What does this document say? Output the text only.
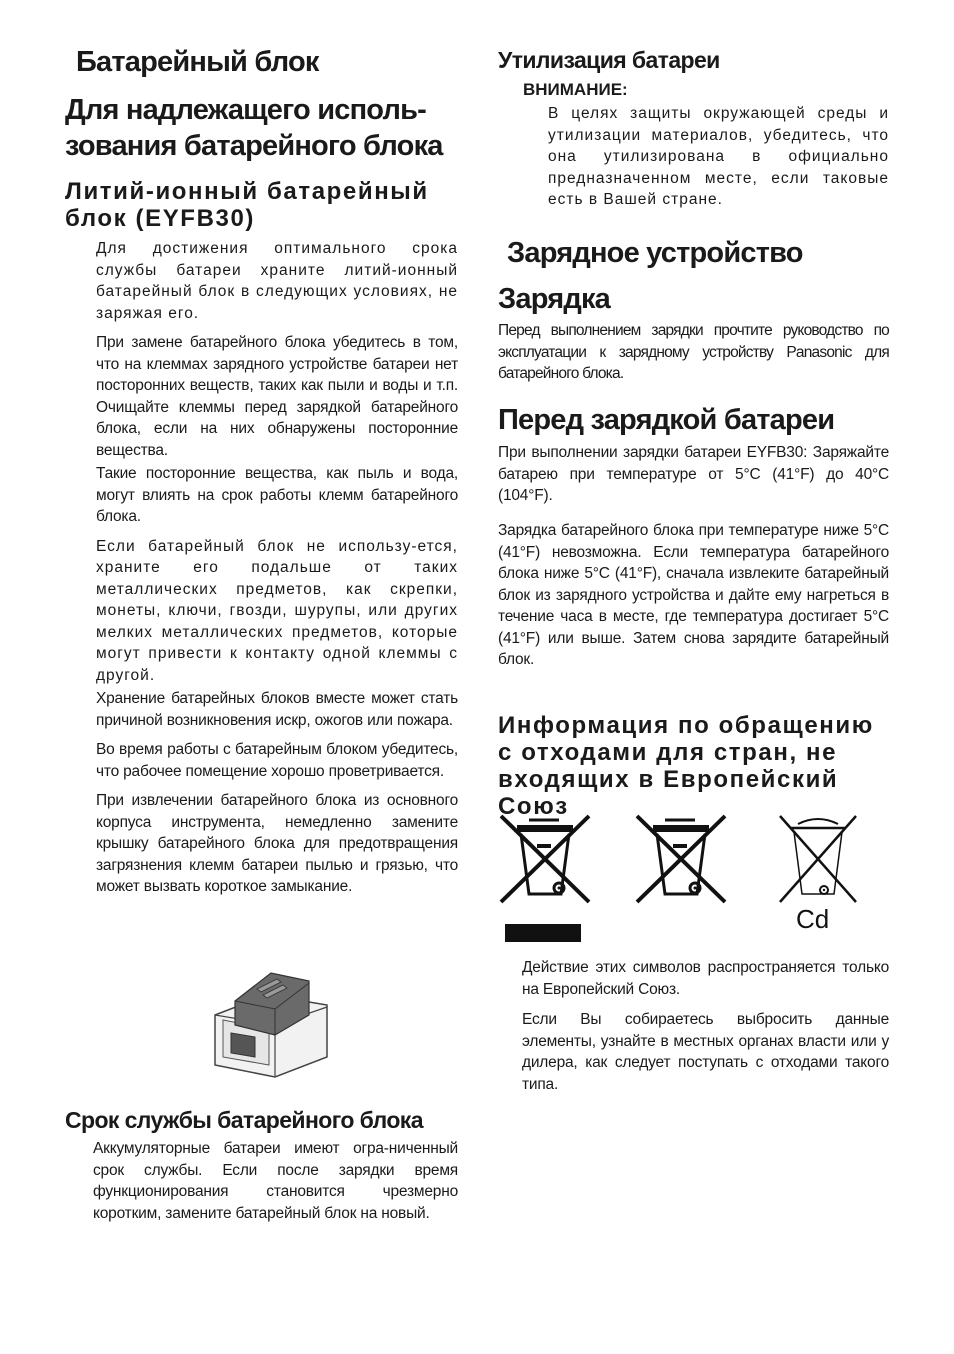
Батарейный блок
Для надлежащего исполь-
зования батарейного блока
Литий-ионный батарейный
блок (EYFB30)

Для достижения оптимального срока службы батареи храните литий-ионный батарейный блок в следующих условиях, не заряжая его.

При замене батарейного блока убедитесь в том, что на клеммах зарядного устройстве батареи нет посторонних веществ, таких как пыли и воды и т.п. Очищайте клеммы перед зарядкой батарейного блока, если на них обнаружены посторонние вещества.

Такие посторонние вещества, как пыль и вода, могут влиять на срок работы клемм батарейного блока.

Если батарейный блок не использу-ется, храните его подальше от таких металлических предметов, как скрепки, монеты, ключи, гвозди, шурупы, или других мелких металлических предметов, которые могут привести к контакту одной клеммы с другой.

Хранение батарейных блоков вместе может стать причиной возникновения искр, ожогов или пожара.

Во время работы с батарейным блоком убедитесь, что рабочее помещение хорошо проветривается.

При извлечении батарейного блока из основного корпуса инструмента, немедленно замените крышку батарейного блока для предотвращения загрязнения клемм батареи пылью и грязью, что может вызвать короткое замыкание.

Срок службы батарейного блока

Аккумуляторные батареи имеют огра-ниченный срок службы. Если после зарядки время функционирования становится чрезмерно коротким, замените батарейный блок на новый.

Утилизация батареи

ВНИМАНИЕ:

В целях защиты окружающей среды и утилизации материалов, убедитесь, что она утилизирована в официально предназначенном месте, если таковые есть в Вашей стране.

Зарядное устройство
Зарядка

Перед выполнением зарядки прочтите руководство по эксплуатации к зарядному устройству Panasonic для батарейного блока.

Перед зарядкой батареи

При выполнении зарядки батареи EYFB30: Заряжайте батарею при температуре от 5°C (41°F) до 40°C (104°F).

Зарядка батарейного блока при температуре ниже 5°C (41°F) невозможна. Если температура батарейного блока ниже 5°C (41°F), сначала извлеките батарейный блок из зарядного устройства и дайте ему нагреться в течение часа в месте, где температура достигает 5°C (41°F) или выше. Затем снова зарядите батарейный блок.

Информация по обращению
с отходами для стран, не
входящих в Европейский Союз
Cd

Действие этих символов распространяется только на Европейский Союз.

Если Вы собираетесь выбросить данные элементы, узнайте в местных органах власти или у дилера, как следует поступать с отходами такого типа.
